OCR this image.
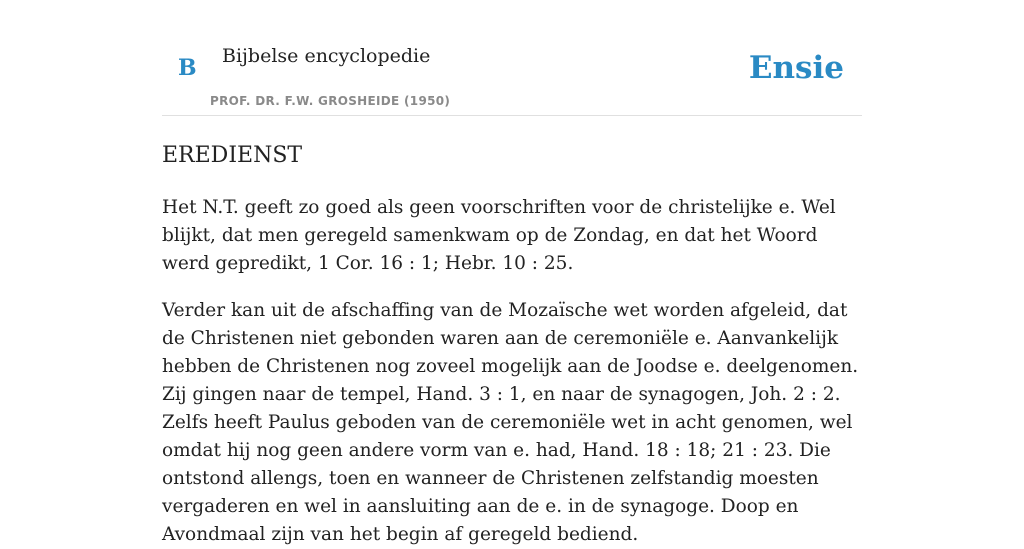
B Bijbelse encyclopedie
PROF. DR. F.W. GROSHEIDE (1950)
Ensie
EREDIENST

Het N.T. geeft zo goed als geen voorschriften voor de christelijke e. Wel blijkt, dat men geregeld samenkwam op de Zondag, en dat het Woord werd gepredikt, 1 Cor. 16 : 1; Hebr. 10 : 25.

Verder kan uit de afschaffing van de Mozaïsche wet worden afgeleid, dat de Christenen niet gebonden waren aan de ceremoniële e. Aanvankelijk hebben de Christenen nog zoveel mogelijk aan de Joodse e. deelgenomen. Zij gingen naar de tempel, Hand. 3 : 1, en naar de synagogen, Joh. 2 : 2. Zelfs heeft Paulus geboden van de ceremoniële wet in acht genomen, wel omdat hij nog geen andere vorm van e. had, Hand. 18 : 18; 21 : 23. Die ontstond allengs, toen en wanneer de Christenen zelfstandig moesten vergaderen en wel in aansluiting aan de e. in de synagoge. Doop en Avondmaal zijn van het begin af geregeld bediend.
